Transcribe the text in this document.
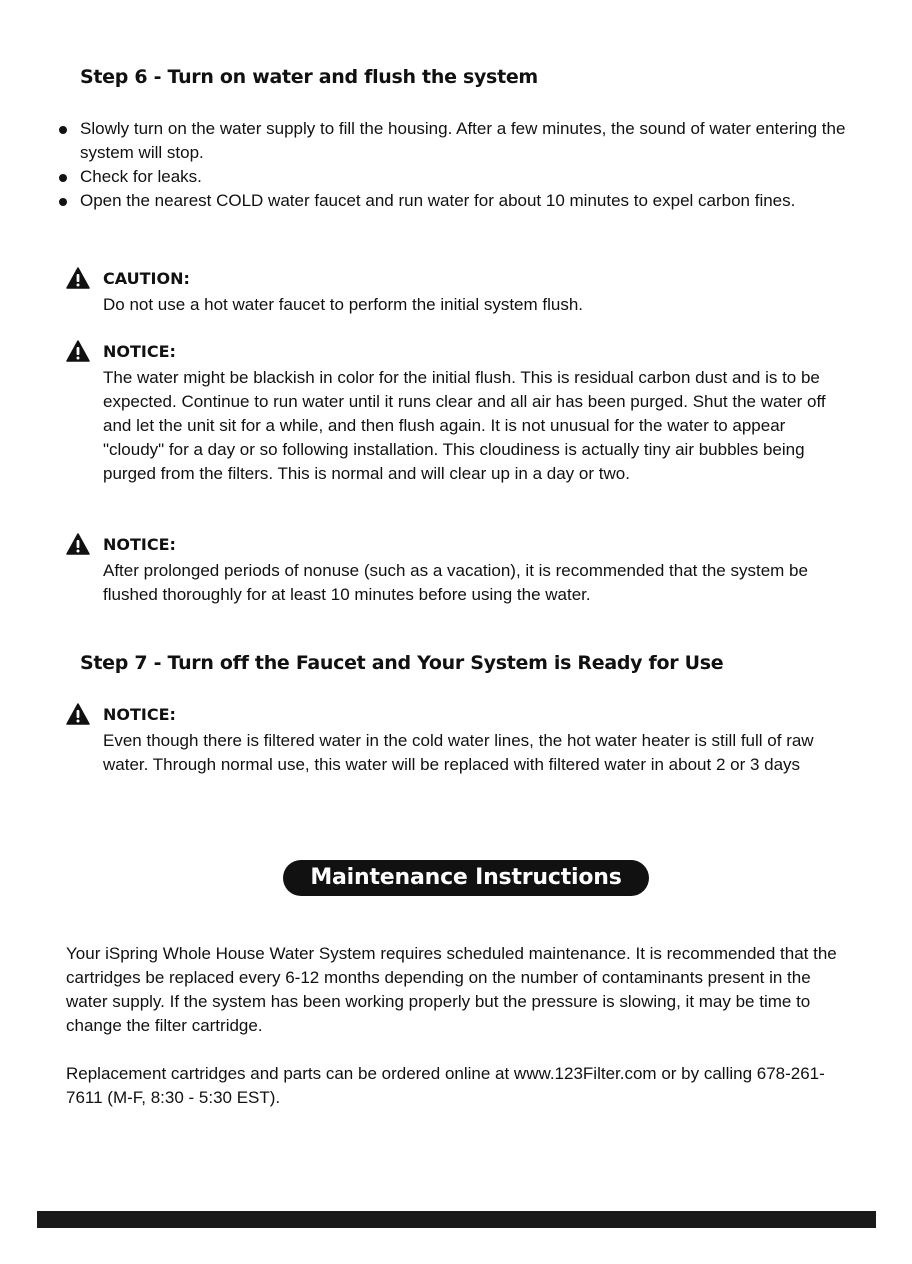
Step 6 - Turn on water and flush the system
Slowly turn on the water supply to fill the housing. After a few minutes, the sound of water entering the system will stop.
Check for leaks.
Open the nearest COLD water faucet and run water for about 10 minutes to expel carbon fines.
CAUTION:
Do not use a hot water faucet to perform the initial system flush.
NOTICE:
The water might be blackish in color for the initial flush. This is residual carbon dust and is to be expected. Continue to run water until it runs clear and all air has been purged. Shut the water off and let the unit sit for a while, and then flush again. It is not unusual for the water to appear "cloudy" for a day or so following installation. This cloudiness is actually tiny air bubbles being purged from the filters. This is normal and will clear up in a day or two.
NOTICE:
After prolonged periods of nonuse (such as a vacation), it is recommended that the system be flushed thoroughly for at least 10 minutes before using the water.
Step 7 - Turn off the Faucet and Your System is Ready for Use
NOTICE:
Even though there is filtered water in the cold water lines, the hot water heater is still full of raw water. Through normal use, this water will be replaced with filtered water in about 2 or 3 days
Maintenance Instructions

Your iSpring Whole House Water System requires scheduled maintenance. It is recommended that the cartridges be replaced every 6-12 months depending on the number of contaminants present in the water supply. If the system has been working properly but the pressure is slowing, it may be time to change the filter cartridge.

Replacement cartridges and parts can be ordered online at www.123Filter.com or by calling 678-261-7611 (M-F, 8:30 - 5:30 EST).
